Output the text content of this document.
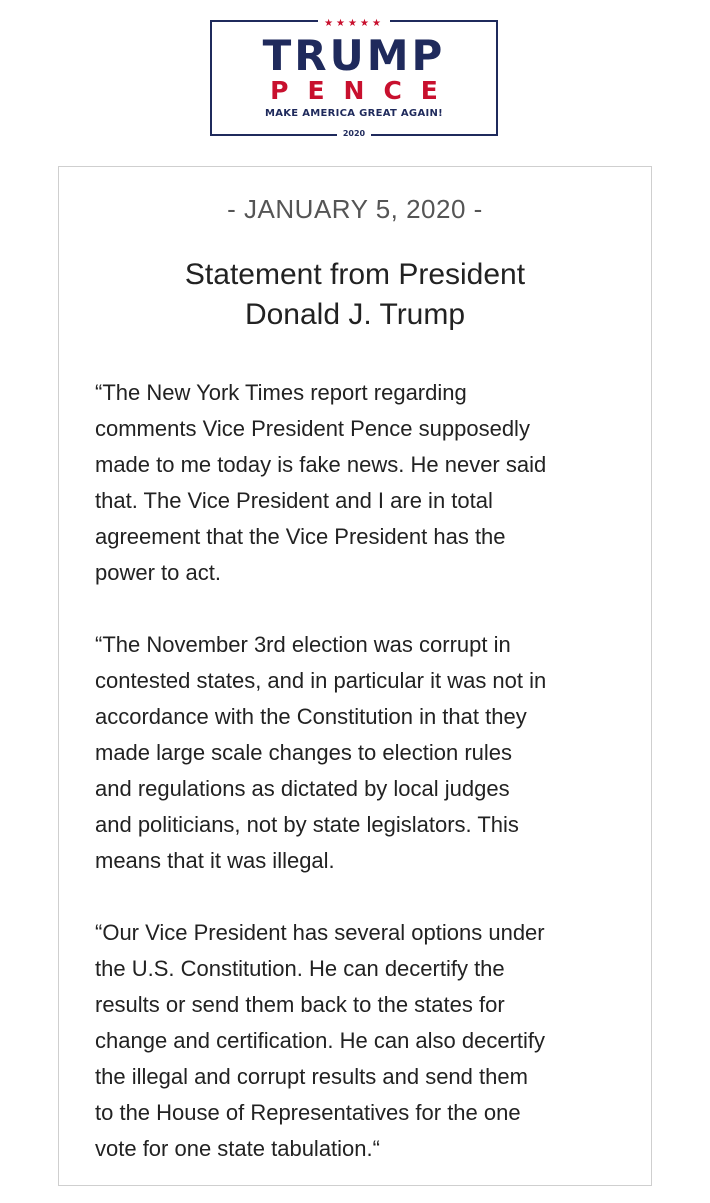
★★★★★
TRUMP
PENCE
MAKE AMERICA GREAT AGAIN!
2020
- JANUARY 5, 2020 -
Statement from President
Donald J. Trump
“The New York Times report regarding
comments Vice President Pence supposedly
made to me today is fake news. He never said
that. The Vice President and I are in total
agreement that the Vice President has the
power to act.
“The November 3rd election was corrupt in
contested states, and in particular it was not in
accordance with the Constitution in that they
made large scale changes to election rules
and regulations as dictated by local judges
and politicians, not by state legislators. This
means that it was illegal.
“Our Vice President has several options under
the U.S. Constitution. He can decertify the
results or send them back to the states for
change and certification. He can also decertify
the illegal and corrupt results and send them
to the House of Representatives for the one
vote for one state tabulation.“
